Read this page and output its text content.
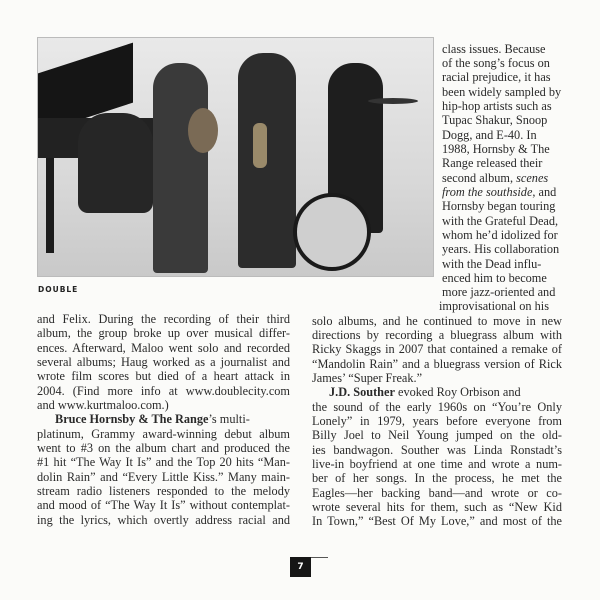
DOUBLE
class issues. Because
of the song’s focus on
racial prejudice, it has
been widely sampled by
hip-hop artists such as
Tupac Shakur, Snoop
Dogg, and E-40. In
1988, Hornsby & The
Range released their
second album, scenes
from the southside, and
Hornsby began touring
with the Grateful Dead,
whom he’d idolized for
years. His collaboration
with the Dead influ-
enced him to become
more jazz-oriented and
improvisational on his
and Felix. During the recording of their third
album, the group broke up over musical differ-
ences. Afterward, Maloo went solo and recorded
several albums; Haug worked as a journalist and
wrote film scores but died of a heart attack in
2004. (Find more info at www.doublecity.com
and www.kurtmaloo.com.)
Bruce Hornsby & The Range’s multi-
platinum, Grammy award-winning debut album
went to #3 on the album chart and produced the
#1 hit “The Way It Is” and the Top 20 hits “Man-
dolin Rain” and “Every Little Kiss.” Many main-
stream radio listeners responded to the melody
and mood of “The Way It Is” without contemplat-
ing the lyrics, which overtly address racial and
solo albums, and he continued to move in new
directions by recording a bluegrass album with
Ricky Skaggs in 2007 that contained a remake of
“Mandolin Rain” and a bluegrass version of Rick
James’ “Super Freak.”
J.D. Souther evoked Roy Orbison and
the sound of the early 1960s on “You’re Only
Lonely” in 1979, years before everyone from
Billy Joel to Neil Young jumped on the old-
ies bandwagon. Souther was Linda Ronstadt’s
live-in boyfriend at one time and wrote a num-
ber of her songs. In the process, he met the
Eagles—her backing band—and wrote or co-
wrote several hits for them, such as “New Kid
In Town,” “Best Of My Love,” and most of the
7
